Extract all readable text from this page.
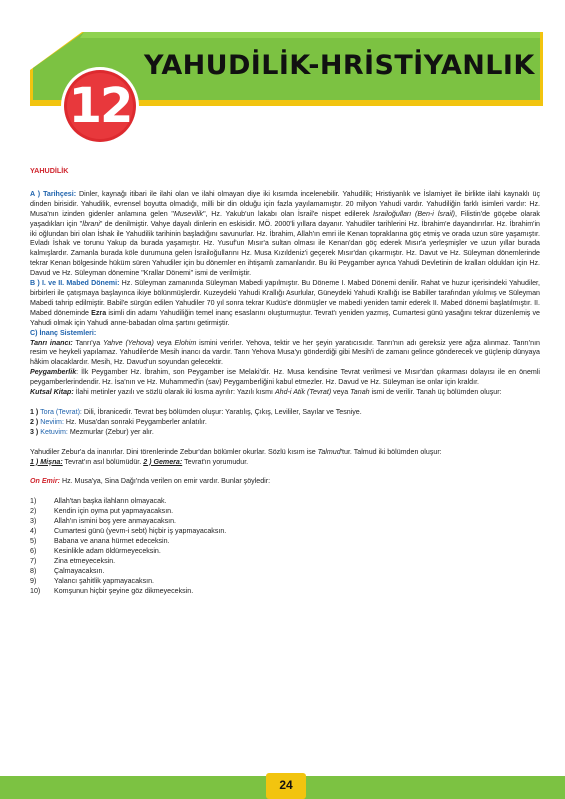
YAHUDİLİK-HRİSTİYANLIK
12

YAHUDİLİK

A ) Tarihçesi: Dinler, kaynağı itibari ile ilahi olan ve ilahi olmayan diye iki kısımda incelenebilir. Yahudilik; Hristiyanlık ve İslamiyet ile birlikte ilahi kaynaklı üç dinden birisidir. Yahudilik, evrensel boyutta olmadığı, milli bir din olduğu için fazla yayılamamıştır. 20 milyon Yahudi vardır. Yahudiliğin farklı isimleri vardır: Hz. Musa'nın izinden gidenler anlamına gelen "Musevilik", Hz. Yakub'un lakabı olan İsrail'e nispet edilerek İsrailoğulları (Ben-i İsrail), Filistin'de göçebe olarak yaşadıkları için "İbrani" de denilmiştir. Vahye dayalı dinlerin en eskisidir. MÖ. 2000'li yıllara dayanır. Yahudiler tarihlerini Hz. İbrahim'e dayandırırlar. Hz. İbrahim'in iki oğlundan biri olan İshak ile Yahudilik tarihinin başladığını savunurlar. Hz. İbrahim, Allah'ın emri ile Kenan topraklarına göç etmiş ve orada uzun süre yaşamıştır. Evladı İshak ve torunu Yakup da burada yaşamıştır. Hz. Yusuf'un Mısır'a sultan olması ile Kenan'dan göç ederek Mısır'a yerleşmişler ve uzun yıllar burada kalmışlardır. Zamanla burada köle durumuna gelen İsrailoğullarını Hz. Musa Kızıldeniz'i geçerek Mısır'dan çıkarmıştır. Hz. Davut ve Hz. Süleyman dönemlerinde tekrar Kenan bölgesinde hüküm süren Yahudiler için bu dönemler en ihtişamlı zamanlarıdır. Bu iki Peygamber ayrıca Yahudi Devletinin de kralları oldukları için Hz. Davud ve Hz. Süleyman dönemine "Krallar Dönemi" ismi de verilmiştir.

B ) I. ve II. Mabed Dönemi: Hz. Süleyman zamanında Süleyman Mabedi yapılmıştır. Bu Döneme I. Mabed Dönemi denilir. Rahat ve huzur içerisindeki Yahudiler, birbirleri ile çatışmaya başlayınca ikiye bölünmüşlerdir. Kuzeydeki Yahudi Krallığı Asurlular, Güneydeki Yahudi Krallığı ise Babiller tarafından yıkılmış ve Süleyman Mabedi tahrip edilmiştir. Babil'e sürgün edilen Yahudiler 70 yıl sonra tekrar Kudüs'e dönmüşler ve mabedi yeniden tamir ederek II. Mabed dönemi başlatılmıştır. II. Mabed döneminde Ezra isimli din adamı Yahudiliğin temel inanç esaslarını oluşturmuştur. Tevrat'ı yeniden yazmış, Cumartesi günü yasağını tekrar düzenlemiş ve Yahudi olmak için Yahudi anne-babadan olma şartını getirmiştir.

C) İnanç Sistemleri:

Tanrı inancı: Tanrı'ya Yahve (Yehova) veya Elohim ismini verirler. Yehova, tektir ve her şeyin yaratıcısıdır. Tanrı'nın adı gereksiz yere ağza alınmaz. Tanrı'nın resim ve heykeli yapılamaz. Yahudiler'de Mesih inancı da vardır. Tanrı Yehova Musa'yı gönderdiği gibi Mesih'i de zamanı gelince gönderecek ve güçlenip dünyaya hâkim olacaklardır. Mesih, Hz. Davud'un soyundan gelecektir.

Peygamberlik: İlk Peygamber Hz. İbrahim, son Peygamber ise Melaki'dir. Hz. Musa kendisine Tevrat verilmesi ve Mısır'dan çıkarması dolayısı ile en önemli peygamberlerindendir. Hz. İsa'nın ve Hz. Muhammed'in (sav) Peygamberliğini kabul etmezler. Hz. Davud ve Hz. Süleyman ise onlar için kraldır.

Kutsal Kitap: İlahi metinler yazılı ve sözlü olarak iki kısma ayrılır: Yazılı kısmı Ahd-i Atik (Tevrat) veya Tanah ismi de verilir. Tanah üç bölümden oluşur:

1 ) Tora (Tevrat): Dili, İbranicedir. Tevrat beş bölümden oluşur: Yaratılış, Çıkış, Levililer, Sayılar ve Tesniye.

2 ) Neviim: Hz. Musa'dan sonraki Peygamberler anlatılır.

3 ) Ketuvim: Mezmurlar (Zebur) yer alır.

Yahudiler Zebur'a da inanırlar. Dini törenlerinde Zebur'dan bölümler okurlar. Sözlü kısım ise Talmud'tur. Talmud iki bölümden oluşur:
1 ) Mişna: Tevrat'ın asıl bölümüdür. 2 ) Gemera: Tevrat'ın yorumudur.

On Emir: Hz. Musa'ya, Sina Dağı'nda verilen on emir vardır. Bunlar şöyledir:

1)	Allah'tan başka ilahların olmayacak.
2)	Kendin için oyma put yapmayacaksın.
3)	Allah'ın ismini boş yere anmayacaksın.
4)	Cumartesi günü (yevm-i sebt) hiçbir iş yapmayacaksın.
5)	Babana ve anana hürmet edeceksin.
6)	Kesinlikle adam öldürmeyeceksin.
7)	Zina etmeyeceksin.
8)	Çalmayacaksın.
9)	Yalancı şahitlik yapmayacaksın.
10)	Komşunun hiçbir şeyine göz dikmeyeceksin.
24
